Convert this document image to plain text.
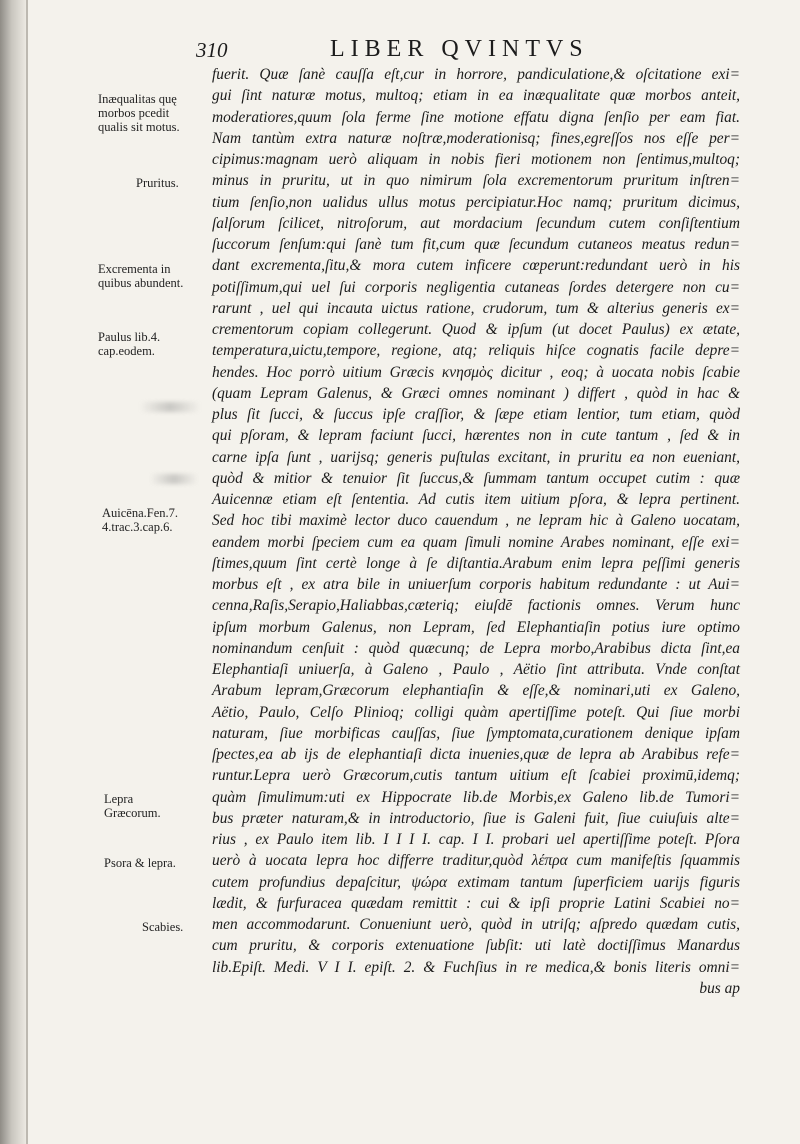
310	LIBER QVINTVS
Inæqualitas quę morbos pcedit qualis sit motus.
Pruritus.
Excrementa in quibus abundent.
Paulus lib.4. cap.eodem.
Auicēna.Fen.7. 4.trac.3.cap.6.
Lepra Græcorum.
Psora & lepra.
Scabies.
fuerit. Quæ ſanè cauſſa eſt,cur in horrore, pandiculatione,& oſcitatione exi=
gui ſint naturæ motus, multoq; etiam in ea inæqualitate quæ morbos anteit,
moderatiores,quum ſola ferme ſine motione effatu digna ſenſio per eam fiat.
Nam tantùm extra naturæ noſtræ,moderationisq; fines,egreſſos nos eſſe per=
cipimus:magnam uerò aliquam in nobis fieri motionem non ſentimus,multoq;
minus in pruritu, ut in quo nimirum ſola excrementorum pruritum inſtren=
tium ſenſio,non ualidus ullus motus percipiatur.Hoc namq; pruritum dicimus,
ſalſorum ſcilicet, nitroſorum, aut mordacium ſecundum cutem conſiſtentium
ſuccorum ſenſum:qui ſanè tum fit,cum quæ ſecundum cutaneos meatus redun=
dant excrementa,ſitu,& mora cutem inficere cœperunt:redundant uerò in his
potiſſimum,qui uel ſui corporis negligentia cutaneas ſordes detergere non cu=
rarunt , uel qui incauta uictus ratione, crudorum, tum & alterius generis ex=
crementorum copiam collegerunt. Quod & ipſum (ut docet Paulus) ex ætate,
temperatura,uictu,tempore, regione, atq; reliquis hiſce cognatis facile depre=
hendes. Hoc porrò uitium Græcis κνησμὸς dicitur , eoq; à uocata nobis ſcabie
(quam Lepram Galenus, & Græci omnes nominant ) differt , quòd in hac &
plus ſit ſucci, & ſuccus ipſe craſſior, & ſæpe etiam lentior, tum etiam, quòd
qui pſoram, & lepram faciunt ſucci, hærentes non in cute tantum , ſed & in
carne ipſa ſunt , uarijsq; generis puſtulas excitant, in pruritu ea non eueniant,
quòd & mitior & tenuior ſit ſuccus,& ſummam tantum occupet cutim : quæ
Auicennæ etiam eſt ſententia. Ad cutis item uitium pſora, & lepra pertinent.
Sed hoc tibi maximè lector duco cauendum , ne lepram hic à Galeno uocatam,
eandem morbi ſpeciem cum ea quam ſimuli nomine Arabes nominant, eſſe exi=
ſtimes,quum ſint certè longe à ſe diſtantia.Arabum enim lepra peſſimi generis
morbus eſt , ex atra bile in uniuerſum corporis habitum redundante : ut Aui=
cenna,Raſis,Serapio,Haliabbas,cæteriq; eiuſdē factionis omnes. Verum hunc
ipſum morbum Galenus, non Lepram, ſed Elephantiaſin potius iure optimo
nominandum cenſuit : quòd quæcunq; de Lepra morbo,Arabibus dicta ſint,ea
Elephantiaſi uniuerſa, à Galeno , Paulo , Aëtio ſint attributa. Vnde conſtat
Arabum lepram,Græcorum elephantiaſin & eſſe,& nominari,uti ex Galeno,
Aëtio, Paulo, Celſo Plinioq; colligi quàm apertiſſime poteſt. Qui ſiue morbi
naturam, ſiue morbificas cauſſas, ſiue ſymptomata,curationem denique ipſam
ſpectes,ea ab ijs de elephantiaſi dicta inuenies,quæ de lepra ab Arabibus refe=
runtur.Lepra uerò Græcorum,cutis tantum uitium eſt ſcabiei proximū,idemq;
quàm ſimulimum:uti ex Hippocrate lib.de Morbis,ex Galeno lib.de Tumori=
bus præter naturam,& in introductorio, ſiue is Galeni fuit, ſiue cuiuſuis alte=
rius , ex Paulo item lib. I I I I. cap. I I. probari uel apertiſſime poteſt. Pſora
uerò à uocata lepra hoc differre traditur,quòd λέπρα cum manifeſtis ſquammis
cutem profundius depaſcitur, ψώρα extimam tantum ſuperficiem uarijs figuris
lædit, & furfuracea quædam remittit : cui & ipſi proprie Latini Scabiei no=
men accommodarunt. Conueniunt uerò, quòd in utriſq; aſpredo quædam cutis,
cum pruritu, & corporis extenuatione ſubſit: uti latè doctiſſimus Manardus
lib.Epiſt. Medi. V I I. epiſt. 2. & Fuchſius in re medica,& bonis literis omni=
bus ap
